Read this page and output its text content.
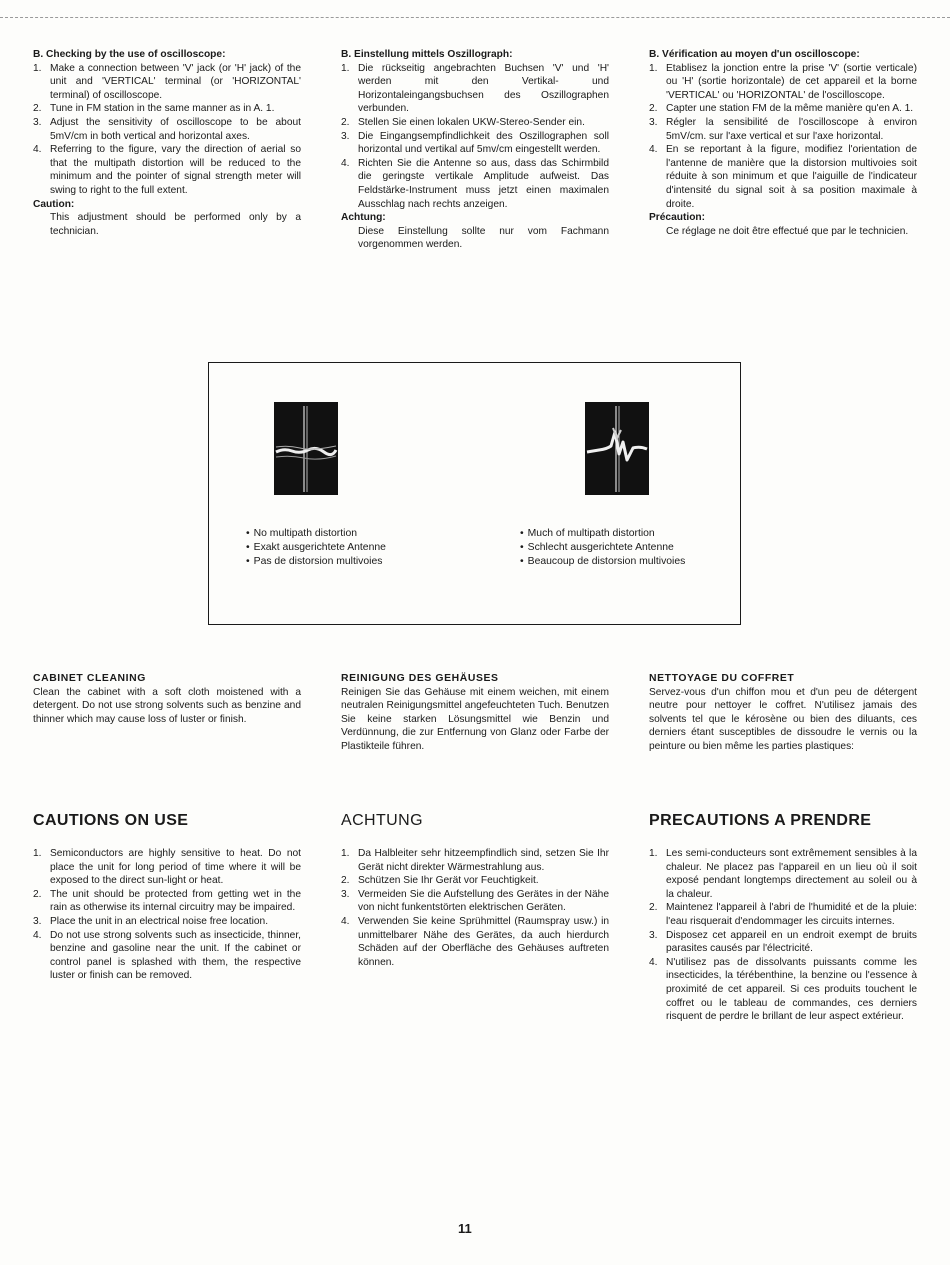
B. Checking by the use of oscilloscope:
1. Make a connection between 'V' jack (or 'H' jack) of the unit and 'VERTICAL' terminal (or 'HORIZONTAL' terminal) of oscilloscope.
2. Tune in FM station in the same manner as in A. 1.
3. Adjust the sensitivity of oscilloscope to be about 5mV/cm in both vertical and horizontal axes.
4. Referring to the figure, vary the direction of aerial so that the multipath distortion will be reduced to the minimum and the pointer of signal strength meter will swing to right to the full extent.
Caution:
This adjustment should be performed only by a technician.
B. Einstellung mittels Oszillograph:
1. Die rückseitig angebrachten Buchsen 'V' und 'H' werden mit den Vertikal- und Horizontaleingangsbuchsen des Oszillographen verbunden.
2. Stellen Sie einen lokalen UKW-Stereo-Sender ein.
3. Die Eingangsempfindlichkeit des Oszillographen soll horizontal und vertikal auf 5mv/cm eingestellt werden.
4. Richten Sie die Antenne so aus, dass das Schirmbild die geringste vertikale Amplitude aufweist. Das Feldstärke-Instrument muss jetzt einen maximalen Ausschlag nach rechts anzeigen.
Achtung:
Diese Einstellung sollte nur vom Fachmann vorgenommen werden.
B. Vérification au moyen d'un oscilloscope:
1. Etablisez la jonction entre la prise 'V' (sortie verticale) ou 'H' (sortie horizontale) de cet appareil et la borne 'VERTICAL' ou 'HORIZONTAL' de l'oscilloscope.
2. Capter une station FM de la même manière qu'en A. 1.
3. Régler la sensibilité de l'oscilloscope à environ 5mV/cm. sur l'axe vertical et sur l'axe horizontal.
4. En se reportant à la figure, modifiez l'orientation de l'antenne de manière que la distorsion multivoies soit réduite à son minimum et que l'aiguille de l'indicateur d'intensité du signal soit à sa position maximale à droite.
Précaution:
Ce réglage ne doit être effectué que par le technicien.
• No multipath distortion
• Exakt ausgerichtete Antenne
• Pas de distorsion multivoies
• Much of multipath distortion
• Schlecht ausgerichtete Antenne
• Beaucoup de distorsion multivoies
CABINET CLEANING
Clean the cabinet with a soft cloth moistened with a detergent. Do not use strong solvents such as benzine and thinner which may cause loss of luster or finish.
REINIGUNG DES GEHÄUSES
Reinigen Sie das Gehäuse mit einem weichen, mit einem neutralen Reinigungsmittel angefeuchteten Tuch. Benutzen Sie keine starken Lösungsmittel wie Benzin und Verdünnung, die zur Entfernung von Glanz oder Farbe der Plastikteile führen.
NETTOYAGE DU COFFRET
Servez-vous d'un chiffon mou et d'un peu de détergent neutre pour nettoyer le coffret. N'utilisez jamais des solvents tel que le kérosène ou bien des diluants, ces derniers étant susceptibles de dissoudre le vernis ou la peinture ou bien même les parties plastiques:
CAUTIONS ON USE	ACHTUNG	PRECAUTIONS A PRENDRE
1. Semiconductors are highly sensitive to heat. Do not place the unit for long period of time where it will be exposed to the direct sun-light or heat.
2. The unit should be protected from getting wet in the rain as otherwise its internal circuitry may be impaired.
3. Place the unit in an electrical noise free location.
4. Do not use strong solvents such as insecticide, thinner, benzine and gasoline near the unit. If the cabinet or control panel is splashed with them, the respective luster or finish can be removed.
1. Da Halbleiter sehr hitzeempfindlich sind, setzen Sie Ihr Gerät nicht direkter Wärmestrahlung aus.
2. Schützen Sie Ihr Gerät vor Feuchtigkeit.
3. Vermeiden Sie die Aufstellung des Gerätes in der Nähe von nicht funkentstörten elektrischen Geräten.
4. Verwenden Sie keine Sprühmittel (Raumspray usw.) in unmittelbarer Nähe des Gerätes, da auch hierdurch Schäden auf der Oberfläche des Gehäuses auftreten können.
1. Les semi-conducteurs sont extrêmement sensibles à la chaleur. Ne placez pas l'appareil en un lieu où il soit exposé pendant longtemps directement au soleil ou à la chaleur.
2. Maintenez l'appareil à l'abri de l'humidité et de la pluie: l'eau risquerait d'endommager les circuits internes.
3. Disposez cet appareil en un endroit exempt de bruits parasites causés par l'électricité.
4. N'utilisez pas de dissolvants puissants comme les insecticides, la térébenthine, la benzine ou l'essence à proximité de cet appareil. Si ces produits touchent le coffret ou le tableau de commandes, ces derniers risquent de perdre le brillant de leur aspect extérieur.
11
